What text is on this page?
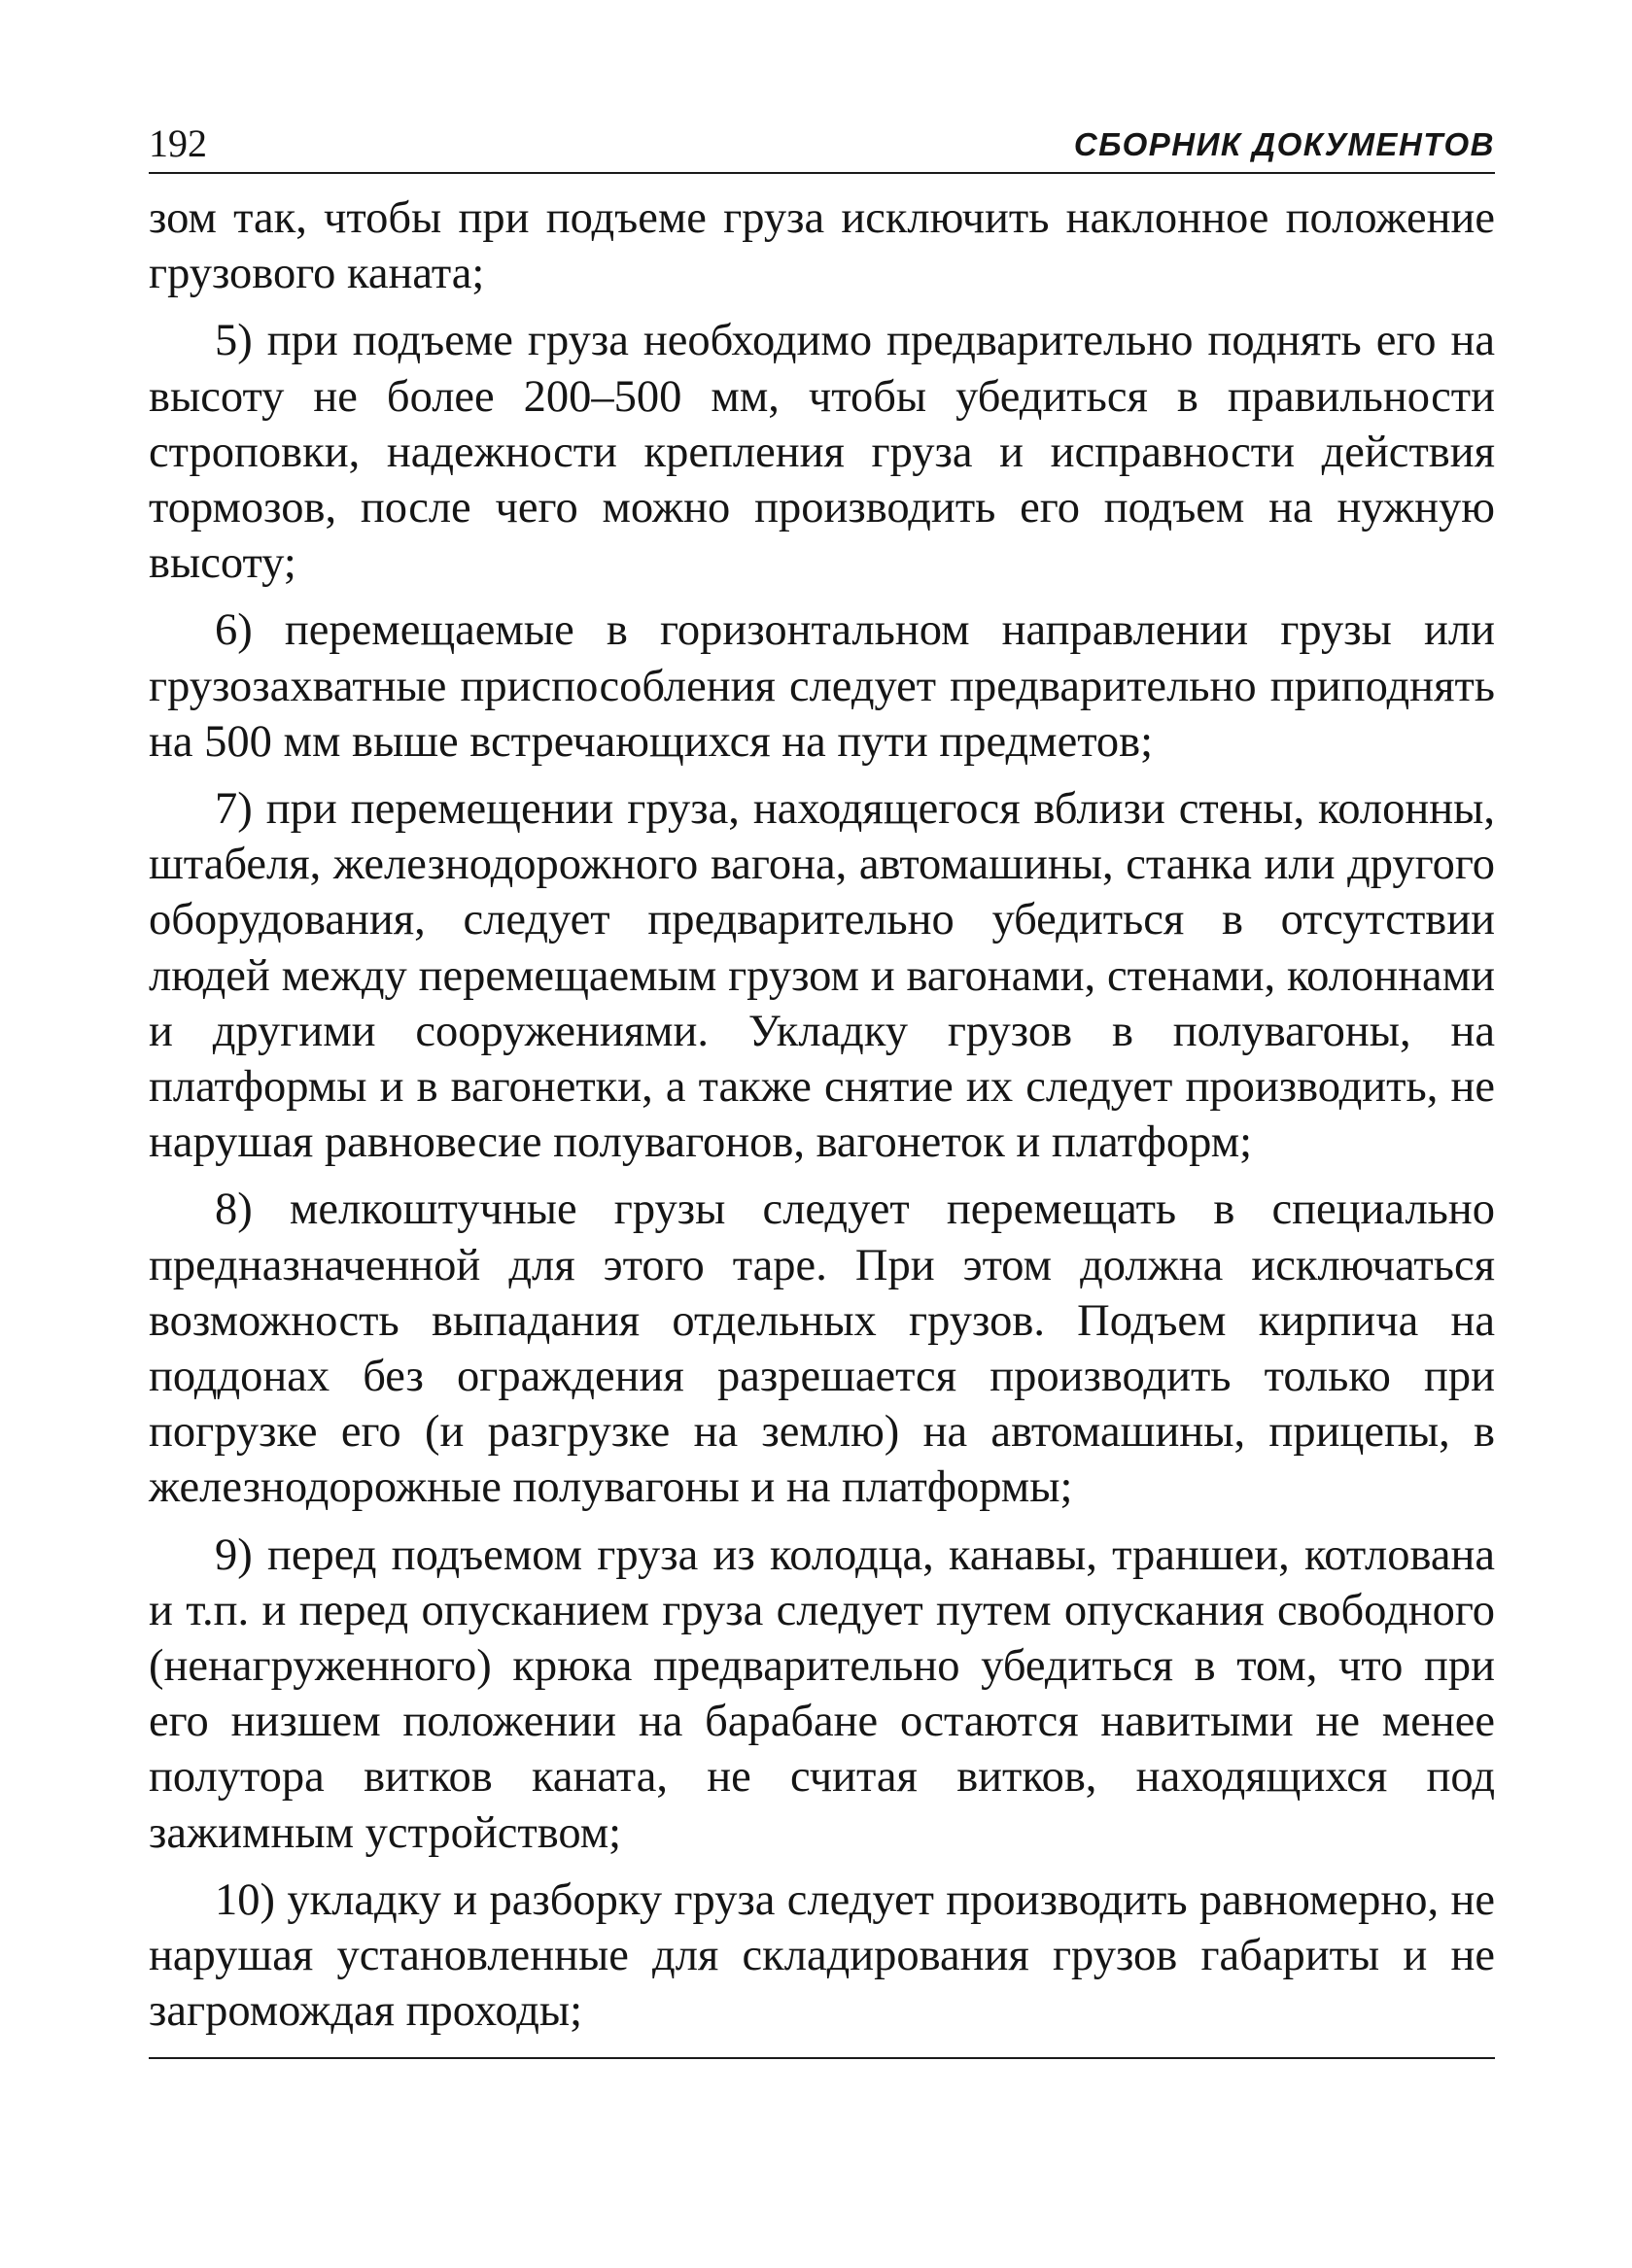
192	СБОРНИК ДОКУМЕНТОВ

зом так, чтобы при подъеме груза исключить наклонное положение грузового каната;

5) при подъеме груза необходимо предварительно поднять его на высоту не более 200–500 мм, чтобы убедиться в правильности строповки, надежности крепления груза и исправности действия тормозов, после чего можно производить его подъем на нужную высоту;

6) перемещаемые в горизонтальном направлении грузы или грузозахватные приспособления следует предварительно приподнять на 500 мм выше встречающихся на пути предметов;

7) при перемещении груза, находящегося вблизи стены, колонны, штабеля, железнодорожного вагона, автомашины, станка или другого оборудования, следует предварительно убедиться в отсутствии людей между перемещаемым грузом и вагонами, стенами, колоннами и другими сооружениями. Укладку грузов в полувагоны, на платформы и в вагонетки, а также снятие их следует производить, не нарушая равновесие полувагонов, вагонеток и платформ;

8) мелкоштучные грузы следует перемещать в специально предназначенной для этого таре. При этом должна исключаться возможность выпадания отдельных грузов. Подъем кирпича на поддонах без ограждения разрешается производить только при погрузке его (и разгрузке на землю) на автомашины, прицепы, в железнодорожные полувагоны и на платформы;

9) перед подъемом груза из колодца, канавы, траншеи, котлована и т.п. и перед опусканием груза следует путем опускания свободного (ненагруженного) крюка предварительно убедиться в том, что при его низшем положении на барабане остаются навитыми не менее полутора витков каната, не считая витков, находящихся под зажимным устройством;

10) укладку и разборку груза следует производить равномерно, не нарушая установленные для складирования грузов габариты и не загромождая проходы;
